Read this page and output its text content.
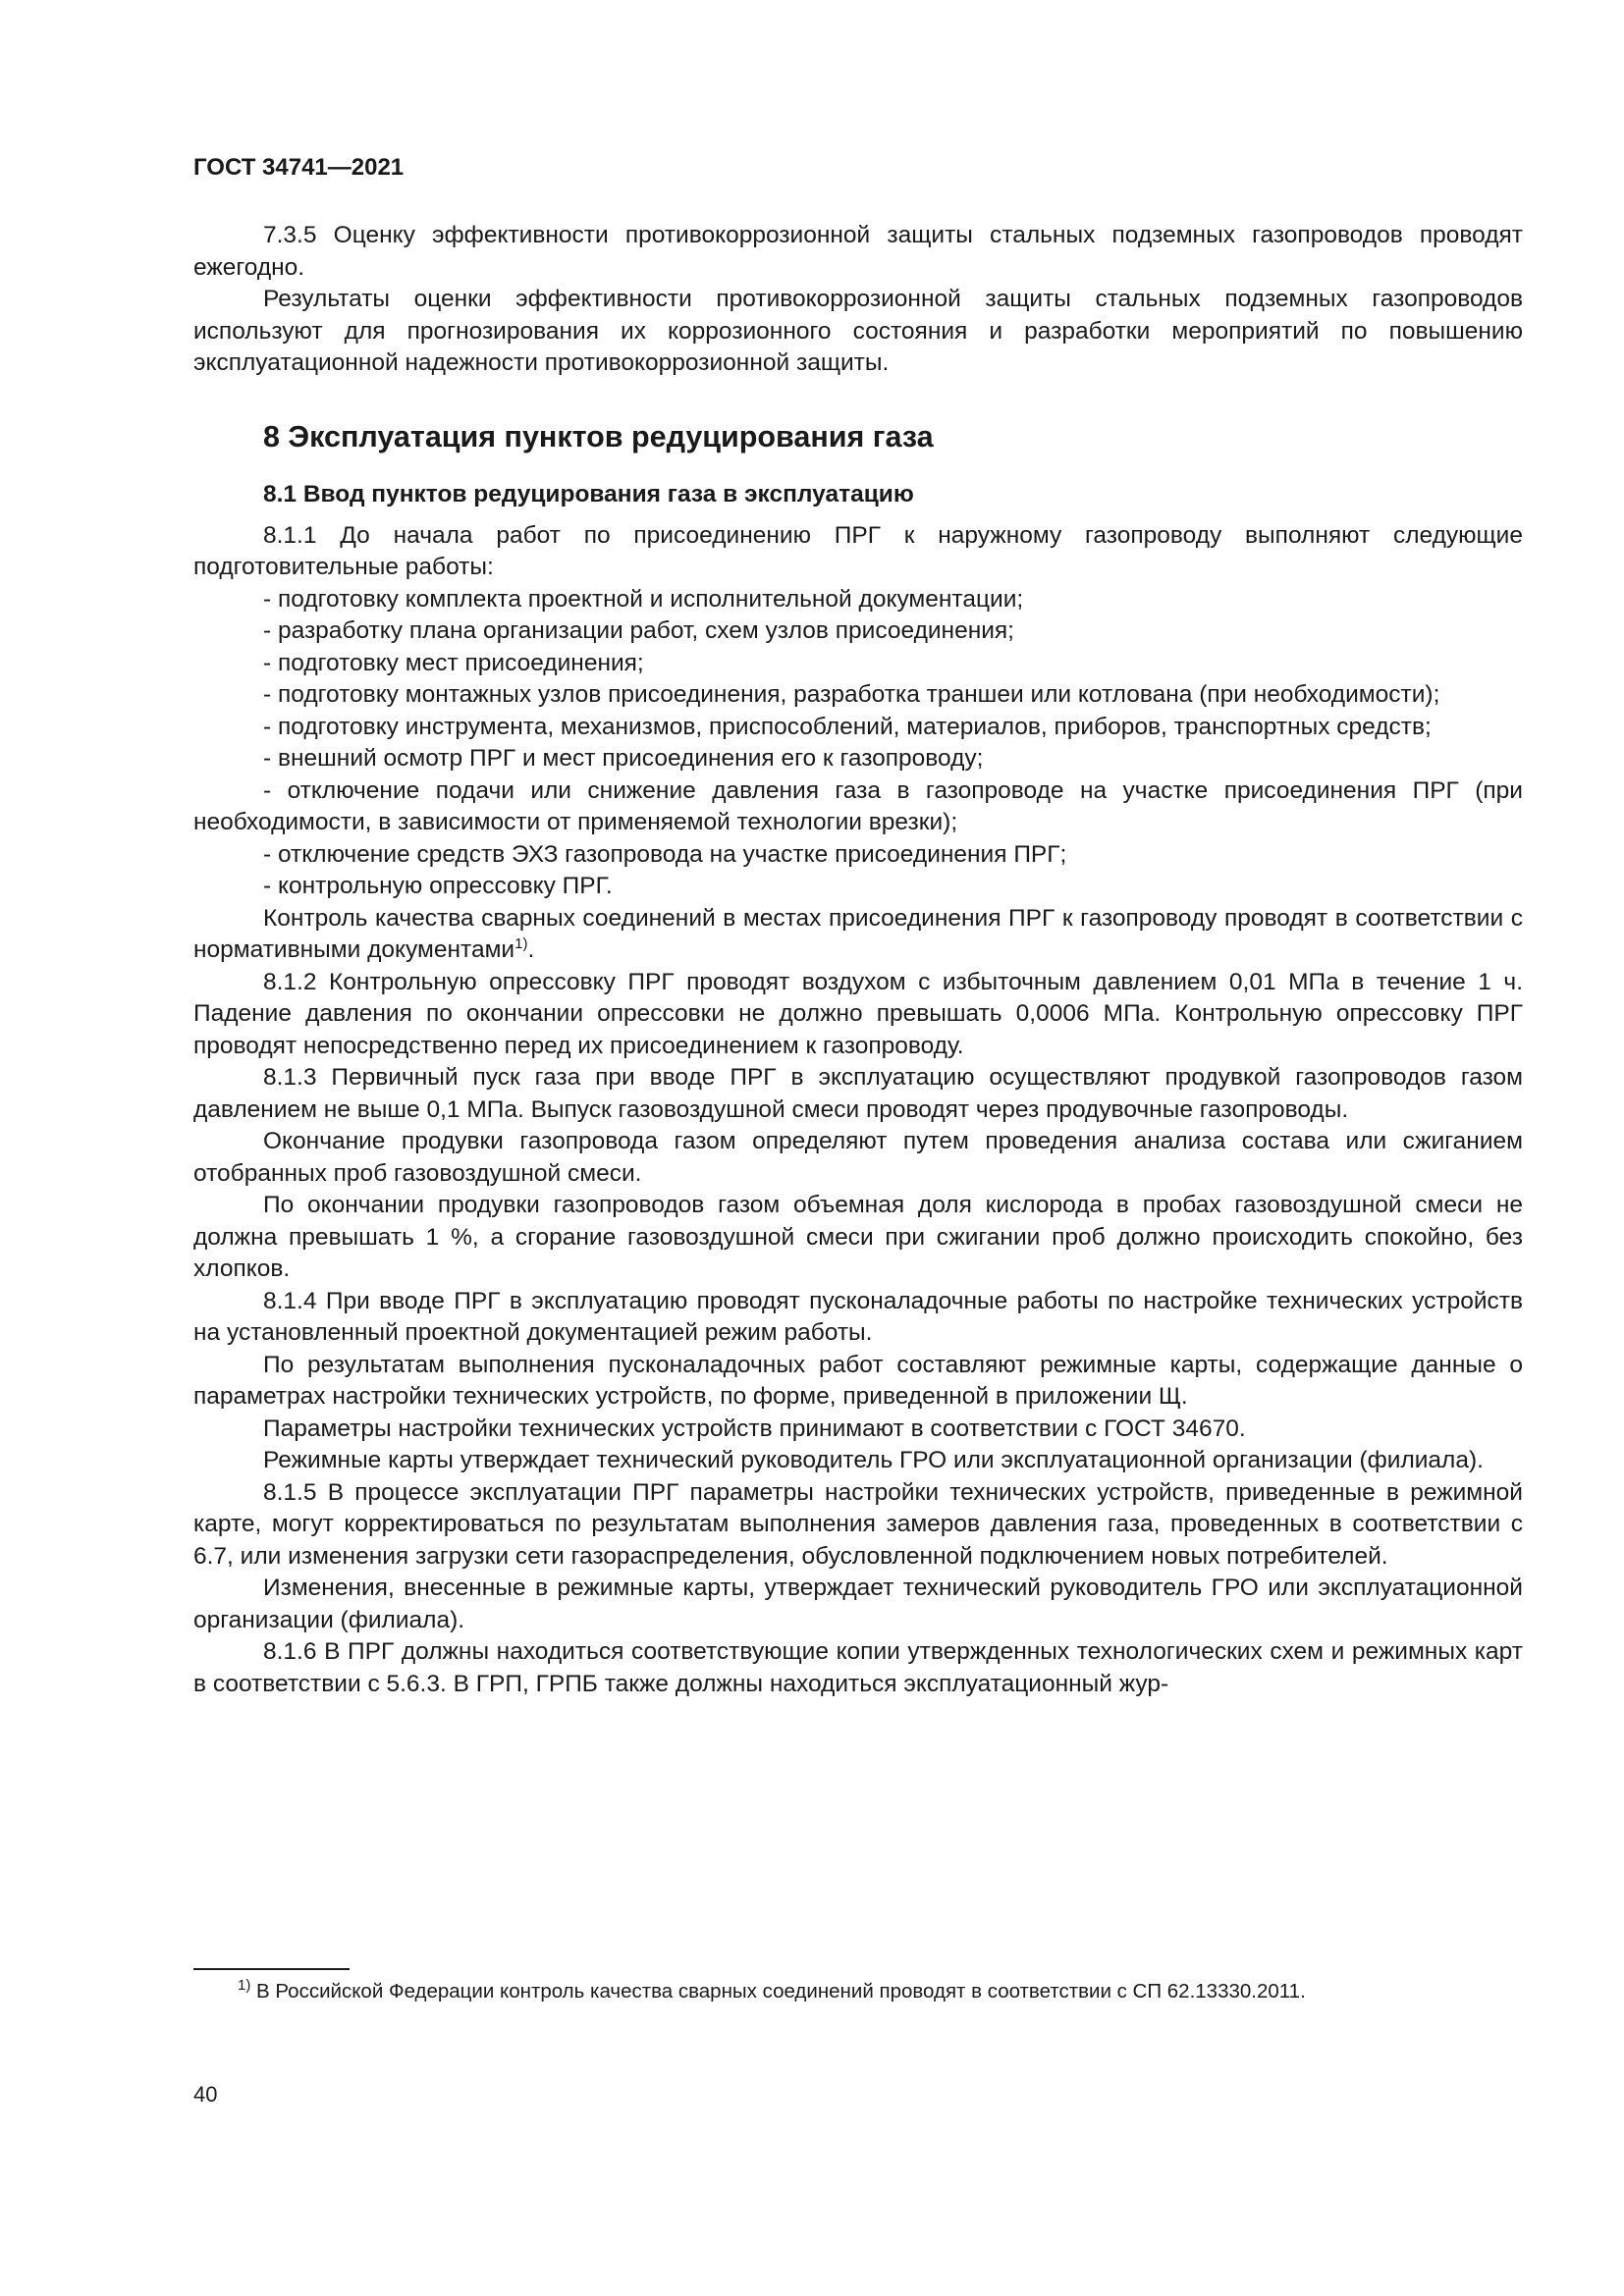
ГОСТ 34741—2021

7.3.5 Оценку эффективности противокоррозионной защиты стальных подземных газопроводов проводят ежегодно.

Результаты оценки эффективности противокоррозионной защиты стальных подземных газопроводов используют для прогнозирования их коррозионного состояния и разработки мероприятий по повышению эксплуатационной надежности противокоррозионной защиты.

8 Эксплуатация пунктов редуцирования газа
8.1 Ввод пунктов редуцирования газа в эксплуатацию

8.1.1 До начала работ по присоединению ПРГ к наружному газопроводу выполняют следующие подготовительные работы:

- подготовку комплекта проектной и исполнительной документации;

- разработку плана организации работ, схем узлов присоединения;

- подготовку мест присоединения;

- подготовку монтажных узлов присоединения, разработка траншеи или котлована (при необходимости);

- подготовку инструмента, механизмов, приспособлений, материалов, приборов, транспортных средств;

- внешний осмотр ПРГ и мест присоединения его к газопроводу;

- отключение подачи или снижение давления газа в газопроводе на участке присоединения ПРГ (при необходимости, в зависимости от применяемой технологии врезки);

- отключение средств ЭХЗ газопровода на участке присоединения ПРГ;

- контрольную опрессовку ПРГ.

Контроль качества сварных соединений в местах присоединения ПРГ к газопроводу проводят в соответствии с нормативными документами$^{1)}$.

8.1.2 Контрольную опрессовку ПРГ проводят воздухом с избыточным давлением 0,01 МПа в течение 1 ч. Падение давления по окончании опрессовки не должно превышать 0,0006 МПа. Контрольную опрессовку ПРГ проводят непосредственно перед их присоединением к газопроводу.

8.1.3 Первичный пуск газа при вводе ПРГ в эксплуатацию осуществляют продувкой газопроводов газом давлением не выше 0,1 МПа. Выпуск газовоздушной смеси проводят через продувочные газопроводы.

Окончание продувки газопровода газом определяют путем проведения анализа состава или сжиганием отобранных проб газовоздушной смеси.

По окончании продувки газопроводов газом объемная доля кислорода в пробах газовоздушной смеси не должна превышать 1 %, а сгорание газовоздушной смеси при сжигании проб должно происходить спокойно, без хлопков.

8.1.4 При вводе ПРГ в эксплуатацию проводят пусконаладочные работы по настройке технических устройств на установленный проектной документацией режим работы.

По результатам выполнения пусконаладочных работ составляют режимные карты, содержащие данные о параметрах настройки технических устройств, по форме, приведенной в приложении Щ.

Параметры настройки технических устройств принимают в соответствии с ГОСТ 34670.

Режимные карты утверждает технический руководитель ГРО или эксплуатационной организации (филиала).

8.1.5 В процессе эксплуатации ПРГ параметры настройки технических устройств, приведенные в режимной карте, могут корректироваться по результатам выполнения замеров давления газа, проведенных в соответствии с 6.7, или изменения загрузки сети газораспределения, обусловленной подключением новых потребителей.

Изменения, внесенные в режимные карты, утверждает технический руководитель ГРО или эксплуатационной организации (филиала).

8.1.6 В ПРГ должны находиться соответствующие копии утвержденных технологических схем и режимных карт в соответствии с 5.6.3. В ГРП, ГРПБ также должны находиться эксплуатационный жур-

$^{1)}$ В Российской Федерации контроль качества сварных соединений проводят в соответствии с СП 62.13330.2011.

40
